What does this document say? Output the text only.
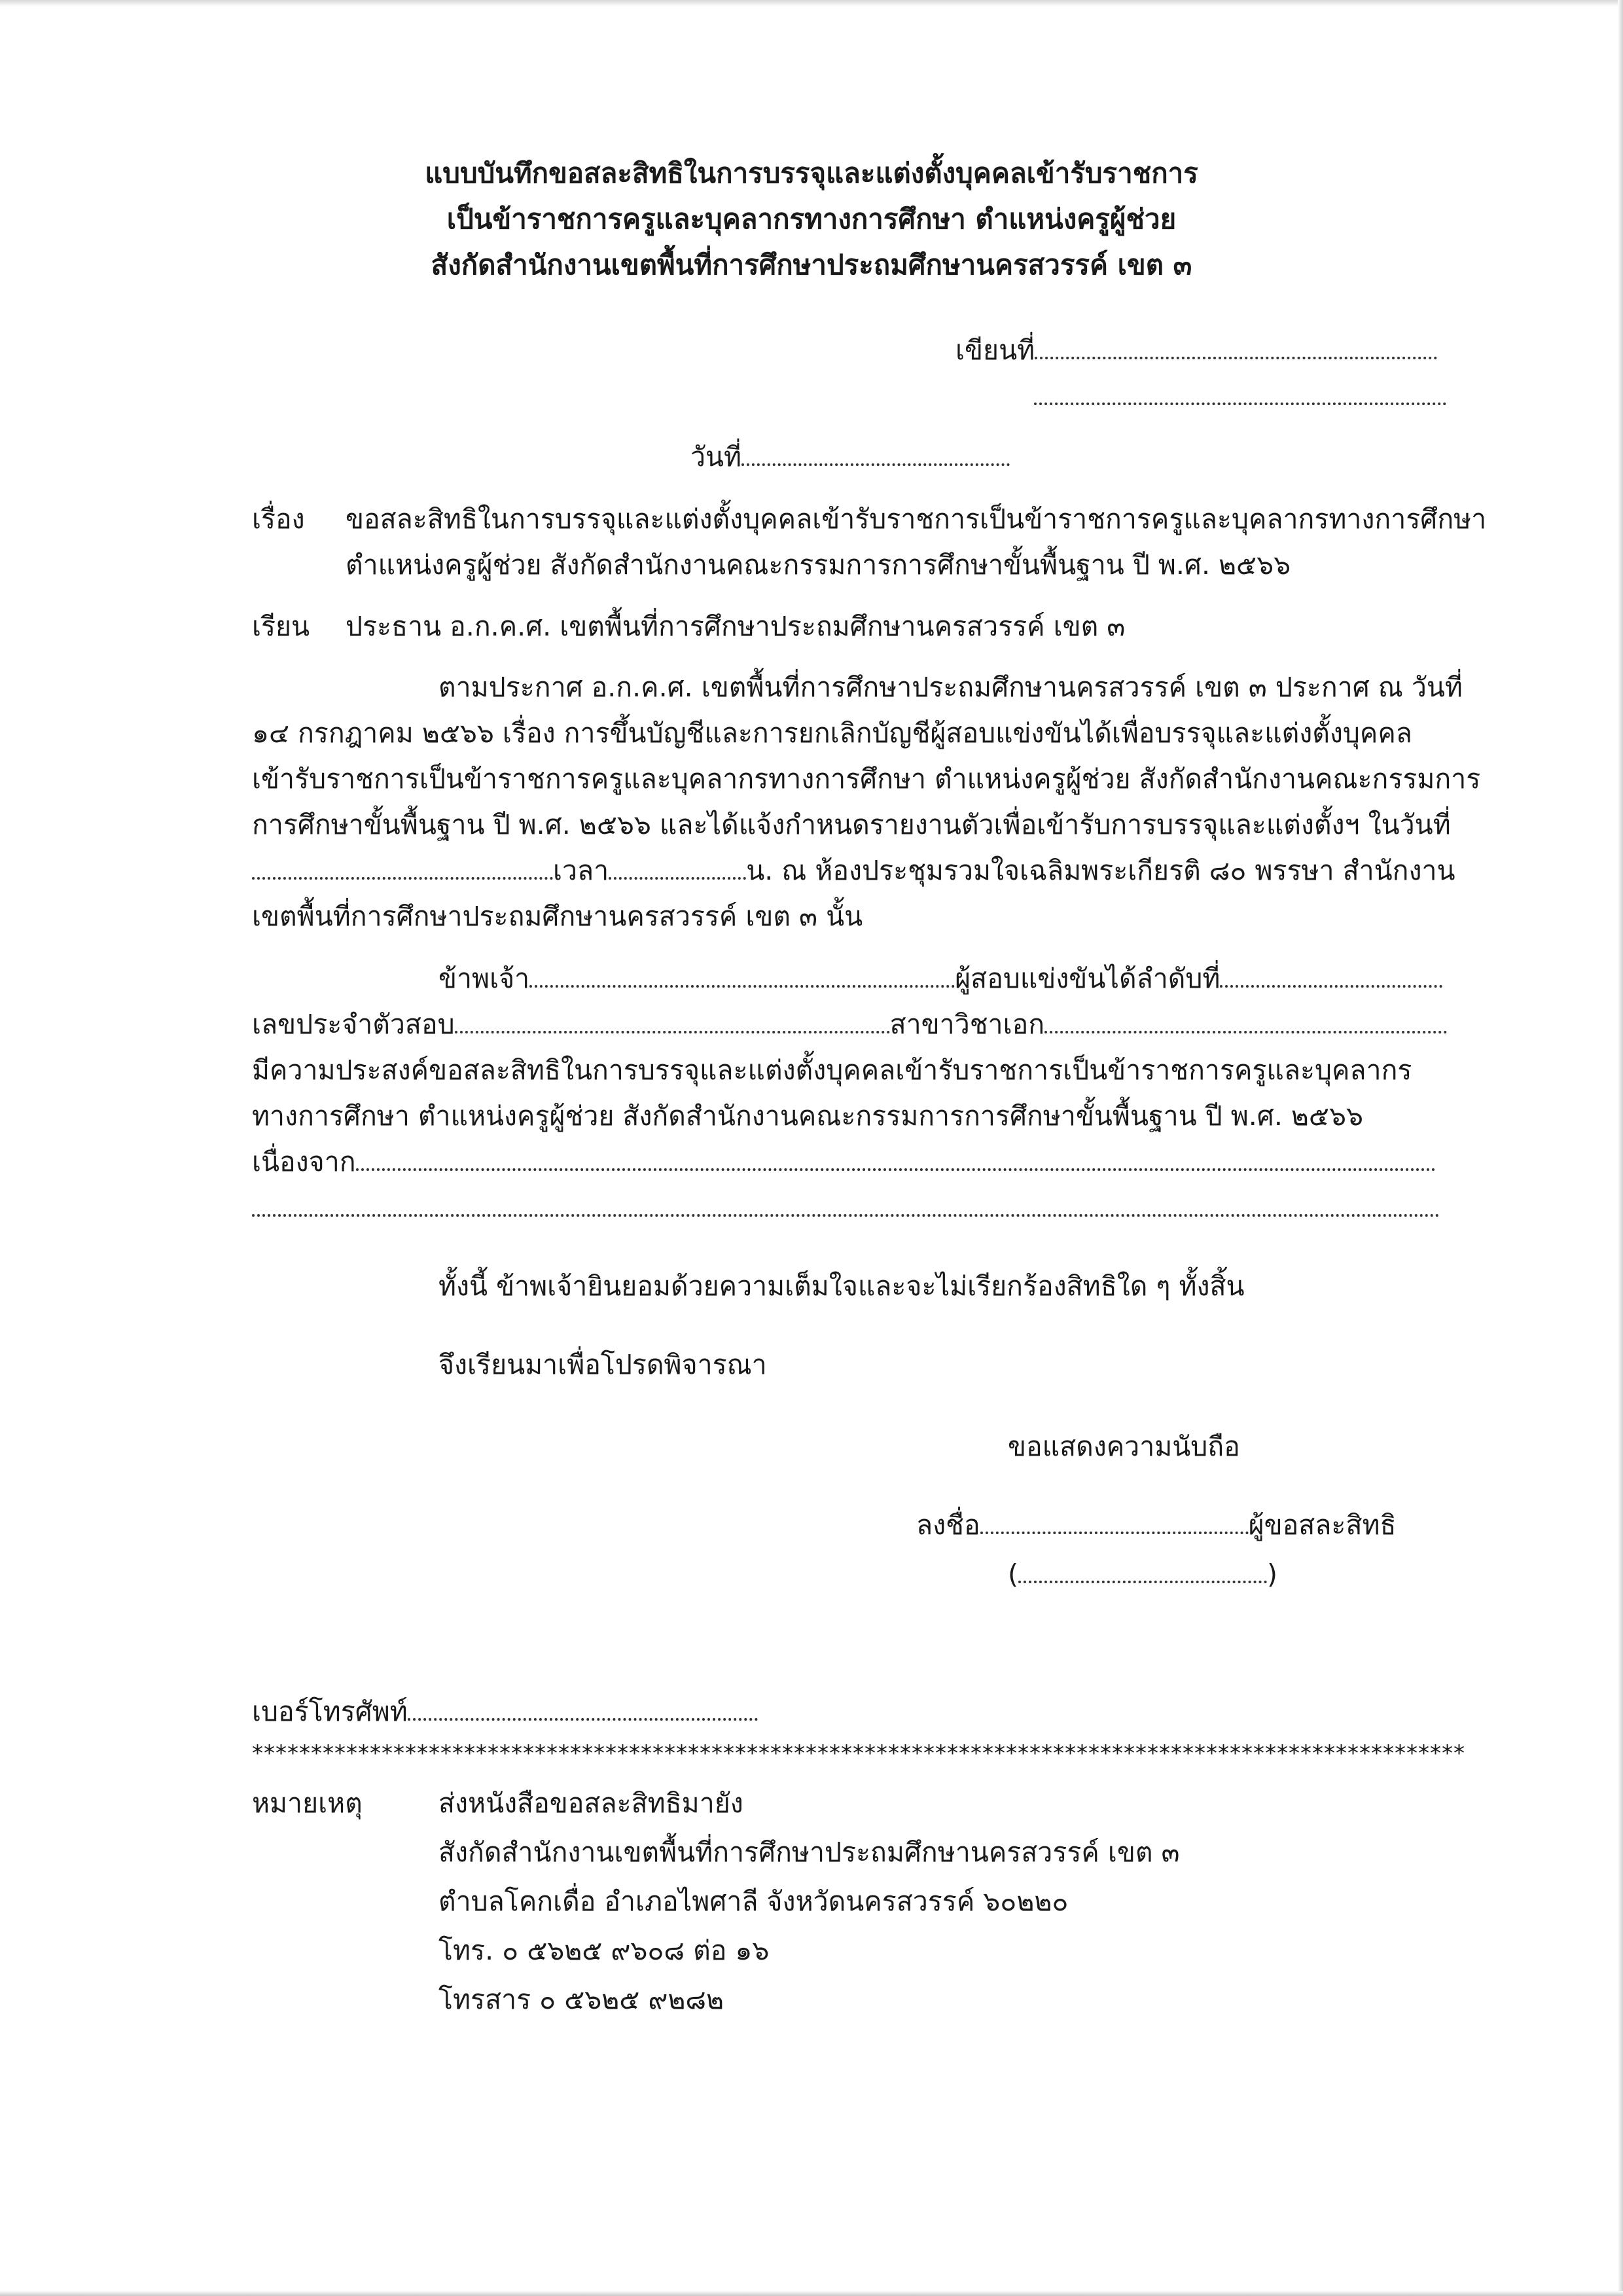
แบบบันทึกขอสละสิทธิในการบรรจุและแต่งตั้งบุคคลเข้ารับราชการ
เป็นข้าราชการครูและบุคลากรทางการศึกษา ตำแหน่งครูผู้ช่วย
สังกัดสำนักงานเขตพื้นที่การศึกษาประถมศึกษานครสวรรค์ เขต ๓
เขียนที่
วันที่
เรื่อง ขอสละสิทธิในการบรรจุและแต่งตั้งบุคคลเข้ารับราชการเป็นข้าราชการครูและบุคลากรทางการศึกษา
ตำแหน่งครูผู้ช่วย สังกัดสำนักงานคณะกรรมการการศึกษาขั้นพื้นฐาน ปี พ.ศ. ๒๕๖๖
เรียน ประธาน อ.ก.ค.ศ. เขตพื้นที่การศึกษาประถมศึกษานครสวรรค์ เขต ๓
ตามประกาศ อ.ก.ค.ศ. เขตพื้นที่การศึกษาประถมศึกษานครสวรรค์ เขต ๓ ประกาศ ณ วันที่
๑๔ กรกฎาคม ๒๕๖๖ เรื่อง การขึ้นบัญชีและการยกเลิกบัญชีผู้สอบแข่งขันได้เพื่อบรรจุและแต่งตั้งบุคคล
เข้ารับราชการเป็นข้าราชการครูและบุคลากรทางการศึกษา ตำแหน่งครูผู้ช่วย สังกัดสำนักงานคณะกรรมการ
การศึกษาขั้นพื้นฐาน ปี พ.ศ. ๒๕๖๖ และได้แจ้งกำหนดรายงานตัวเพื่อเข้ารับการบรรจุและแต่งตั้งฯ ในวันที่
เวลา	น. ณ ห้องประชุมรวมใจเฉลิมพระเกียรติ ๘๐ พรรษา สำนักงาน
เขตพื้นที่การศึกษาประถมศึกษานครสวรรค์ เขต ๓ นั้น
ข้าพเจ้า	ผู้สอบแข่งขันได้ลำดับที่
เลขประจำตัวสอบ	สาขาวิชาเอก
มีความประสงค์ขอสละสิทธิในการบรรจุและแต่งตั้งบุคคลเข้ารับราชการเป็นข้าราชการครูและบุคลากร
ทางการศึกษา ตำแหน่งครูผู้ช่วย สังกัดสำนักงานคณะกรรมการการศึกษาขั้นพื้นฐาน ปี พ.ศ. ๒๕๖๖
เนื่องจาก
ทั้งนี้ ข้าพเจ้ายินยอมด้วยความเต็มใจและจะไม่เรียกร้องสิทธิใด ๆ ทั้งสิ้น
จึงเรียนมาเพื่อโปรดพิจารณา
ขอแสดงความนับถือ
ลงชื่อ	ผู้ขอสละสิทธิ
(	)
เบอร์โทรศัพท์
*******************************************************************************************************
หมายเหตุ	ส่งหนังสือขอสละสิทธิมายัง
สังกัดสำนักงานเขตพื้นที่การศึกษาประถมศึกษานครสวรรค์ เขต ๓
ตำบลโคกเดื่อ อำเภอไพศาลี จังหวัดนครสวรรค์ ๖๐๒๒๐
โทร. ๐ ๕๖๒๕ ๙๖๐๘ ต่อ ๑๖
โทรสาร ๐ ๕๖๒๕ ๙๒๘๒
